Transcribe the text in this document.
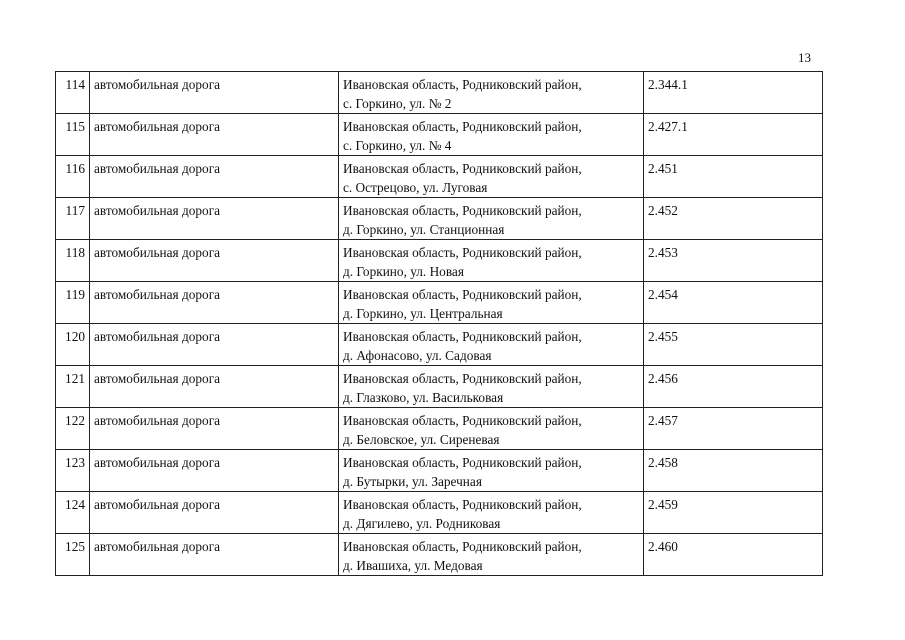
13
114	автомобильная дорога	Ивановская область, Родниковский район,
с. Горкино, ул. № 2	2.344.1
115	автомобильная дорога	Ивановская область, Родниковский район,
с. Горкино, ул. № 4	2.427.1
116	автомобильная дорога	Ивановская область, Родниковский район,
с. Острецово, ул. Луговая	2.451
117	автомобильная дорога	Ивановская область, Родниковский район,
д. Горкино, ул. Станционная	2.452
118	автомобильная дорога	Ивановская область, Родниковский район,
д. Горкино, ул. Новая	2.453
119	автомобильная дорога	Ивановская область, Родниковский район,
д. Горкино, ул. Центральная	2.454
120	автомобильная дорога	Ивановская область, Родниковский район,
д. Афонасово, ул. Садовая	2.455
121	автомобильная дорога	Ивановская область, Родниковский район,
д. Глазково, ул. Васильковая	2.456
122	автомобильная дорога	Ивановская область, Родниковский район,
д. Беловское, ул. Сиреневая	2.457
123	автомобильная дорога	Ивановская область, Родниковский район,
д. Бутырки, ул. Заречная	2.458
124	автомобильная дорога	Ивановская область, Родниковский район,
д. Дягилево, ул. Родниковая	2.459
125	автомобильная дорога	Ивановская область, Родниковский район,
д. Ивашиха, ул. Медовая	2.460
